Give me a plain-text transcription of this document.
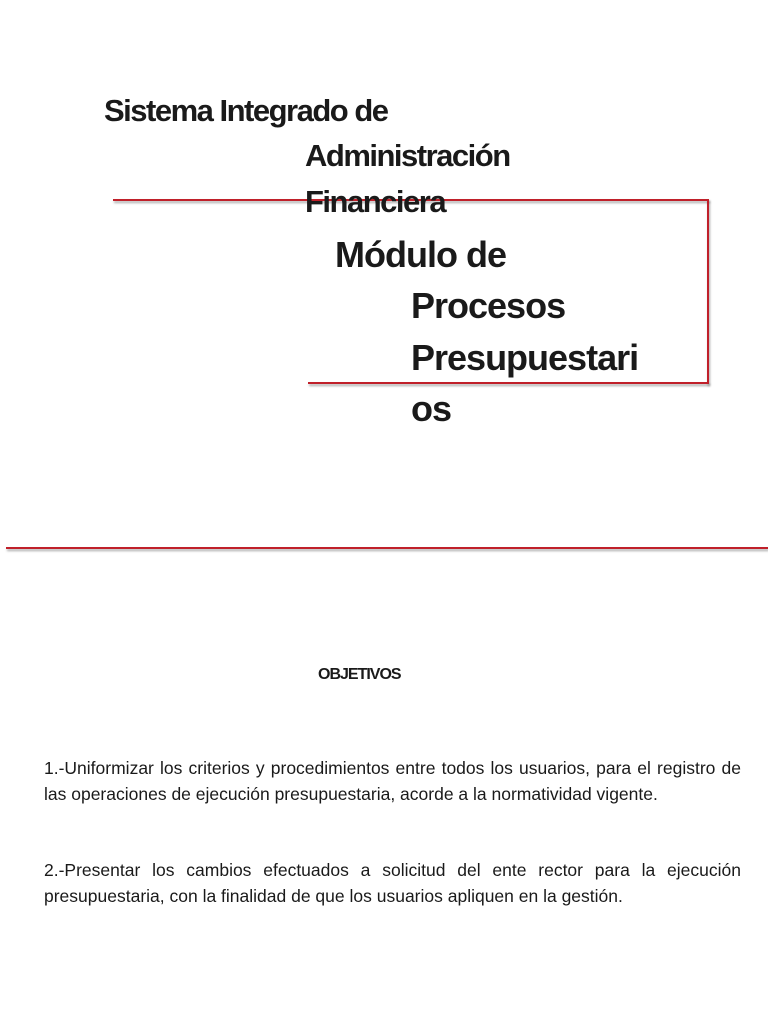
Sistema Integrado de

Administración

Financiera

Módulo de

Procesos

Presupuestari

os

OBJETIVOS

1.-Uniformizar los criterios y procedimientos entre todos los usuarios, para el registro de las operaciones de ejecución presupuestaria, acorde a la normatividad vigente.

2.-Presentar los cambios efectuados a solicitud del ente rector para la ejecución presupuestaria, con la finalidad de que los usuarios apliquen en la gestión.
